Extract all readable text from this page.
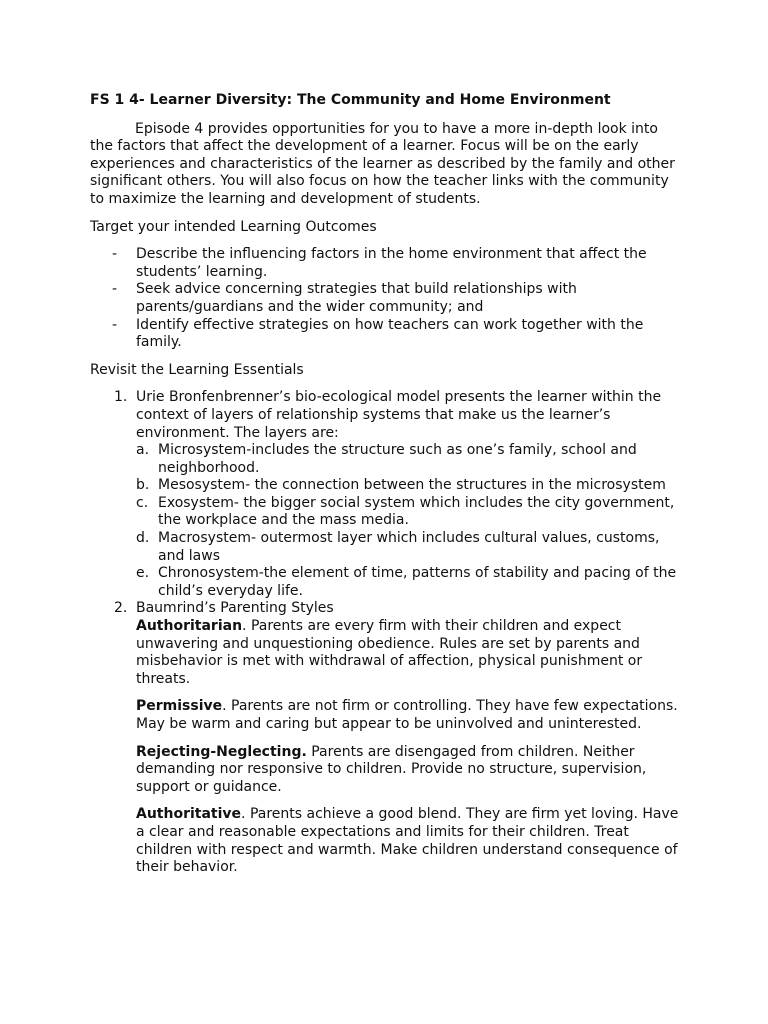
FS 1 4- Learner Diversity: The Community and Home Environment

Episode 4 provides opportunities for you to have a more in-depth look into the factors that affect the development of a learner. Focus will be on the early experiences and characteristics of the learner as described by the family and other significant others. You will also focus on how the teacher links with the community to maximize the learning and development of students.

Target your intended Learning Outcomes

- Describe the influencing factors in the home environment that affect the students’ learning.
- Seek advice concerning strategies that build relationships with parents/guardians and the wider community; and
- Identify effective strategies on how teachers can work together with the family.

Revisit the Learning Essentials

1. Urie Bronfenbrenner’s bio-ecological model presents the learner within the context of layers of relationship systems that make us the learner’s environment. The layers are:
a. Microsystem-includes the structure such as one’s family, school and neighborhood.
b. Mesosystem- the connection between the structures in the microsystem
c. Exosystem- the bigger social system which includes the city government, the workplace and the mass media.
d. Macrosystem- outermost layer which includes cultural values, customs, and laws
e. Chronosystem-the element of time, patterns of stability and pacing of the child’s everyday life.
2. Baumrind’s Parenting Styles
Authoritarian. Parents are every firm with their children and expect unwavering and unquestioning obedience. Rules are set by parents and misbehavior is met with withdrawal of affection, physical punishment or threats.
Permissive. Parents are not firm or controlling. They have few expectations. May be warm and caring but appear to be uninvolved and uninterested.
Rejecting-Neglecting. Parents are disengaged from children. Neither demanding nor responsive to children. Provide no structure, supervision, support or guidance.
Authoritative. Parents achieve a good blend. They are firm yet loving. Have a clear and reasonable expectations and limits for their children. Treat children with respect and warmth. Make children understand consequence of their behavior.
